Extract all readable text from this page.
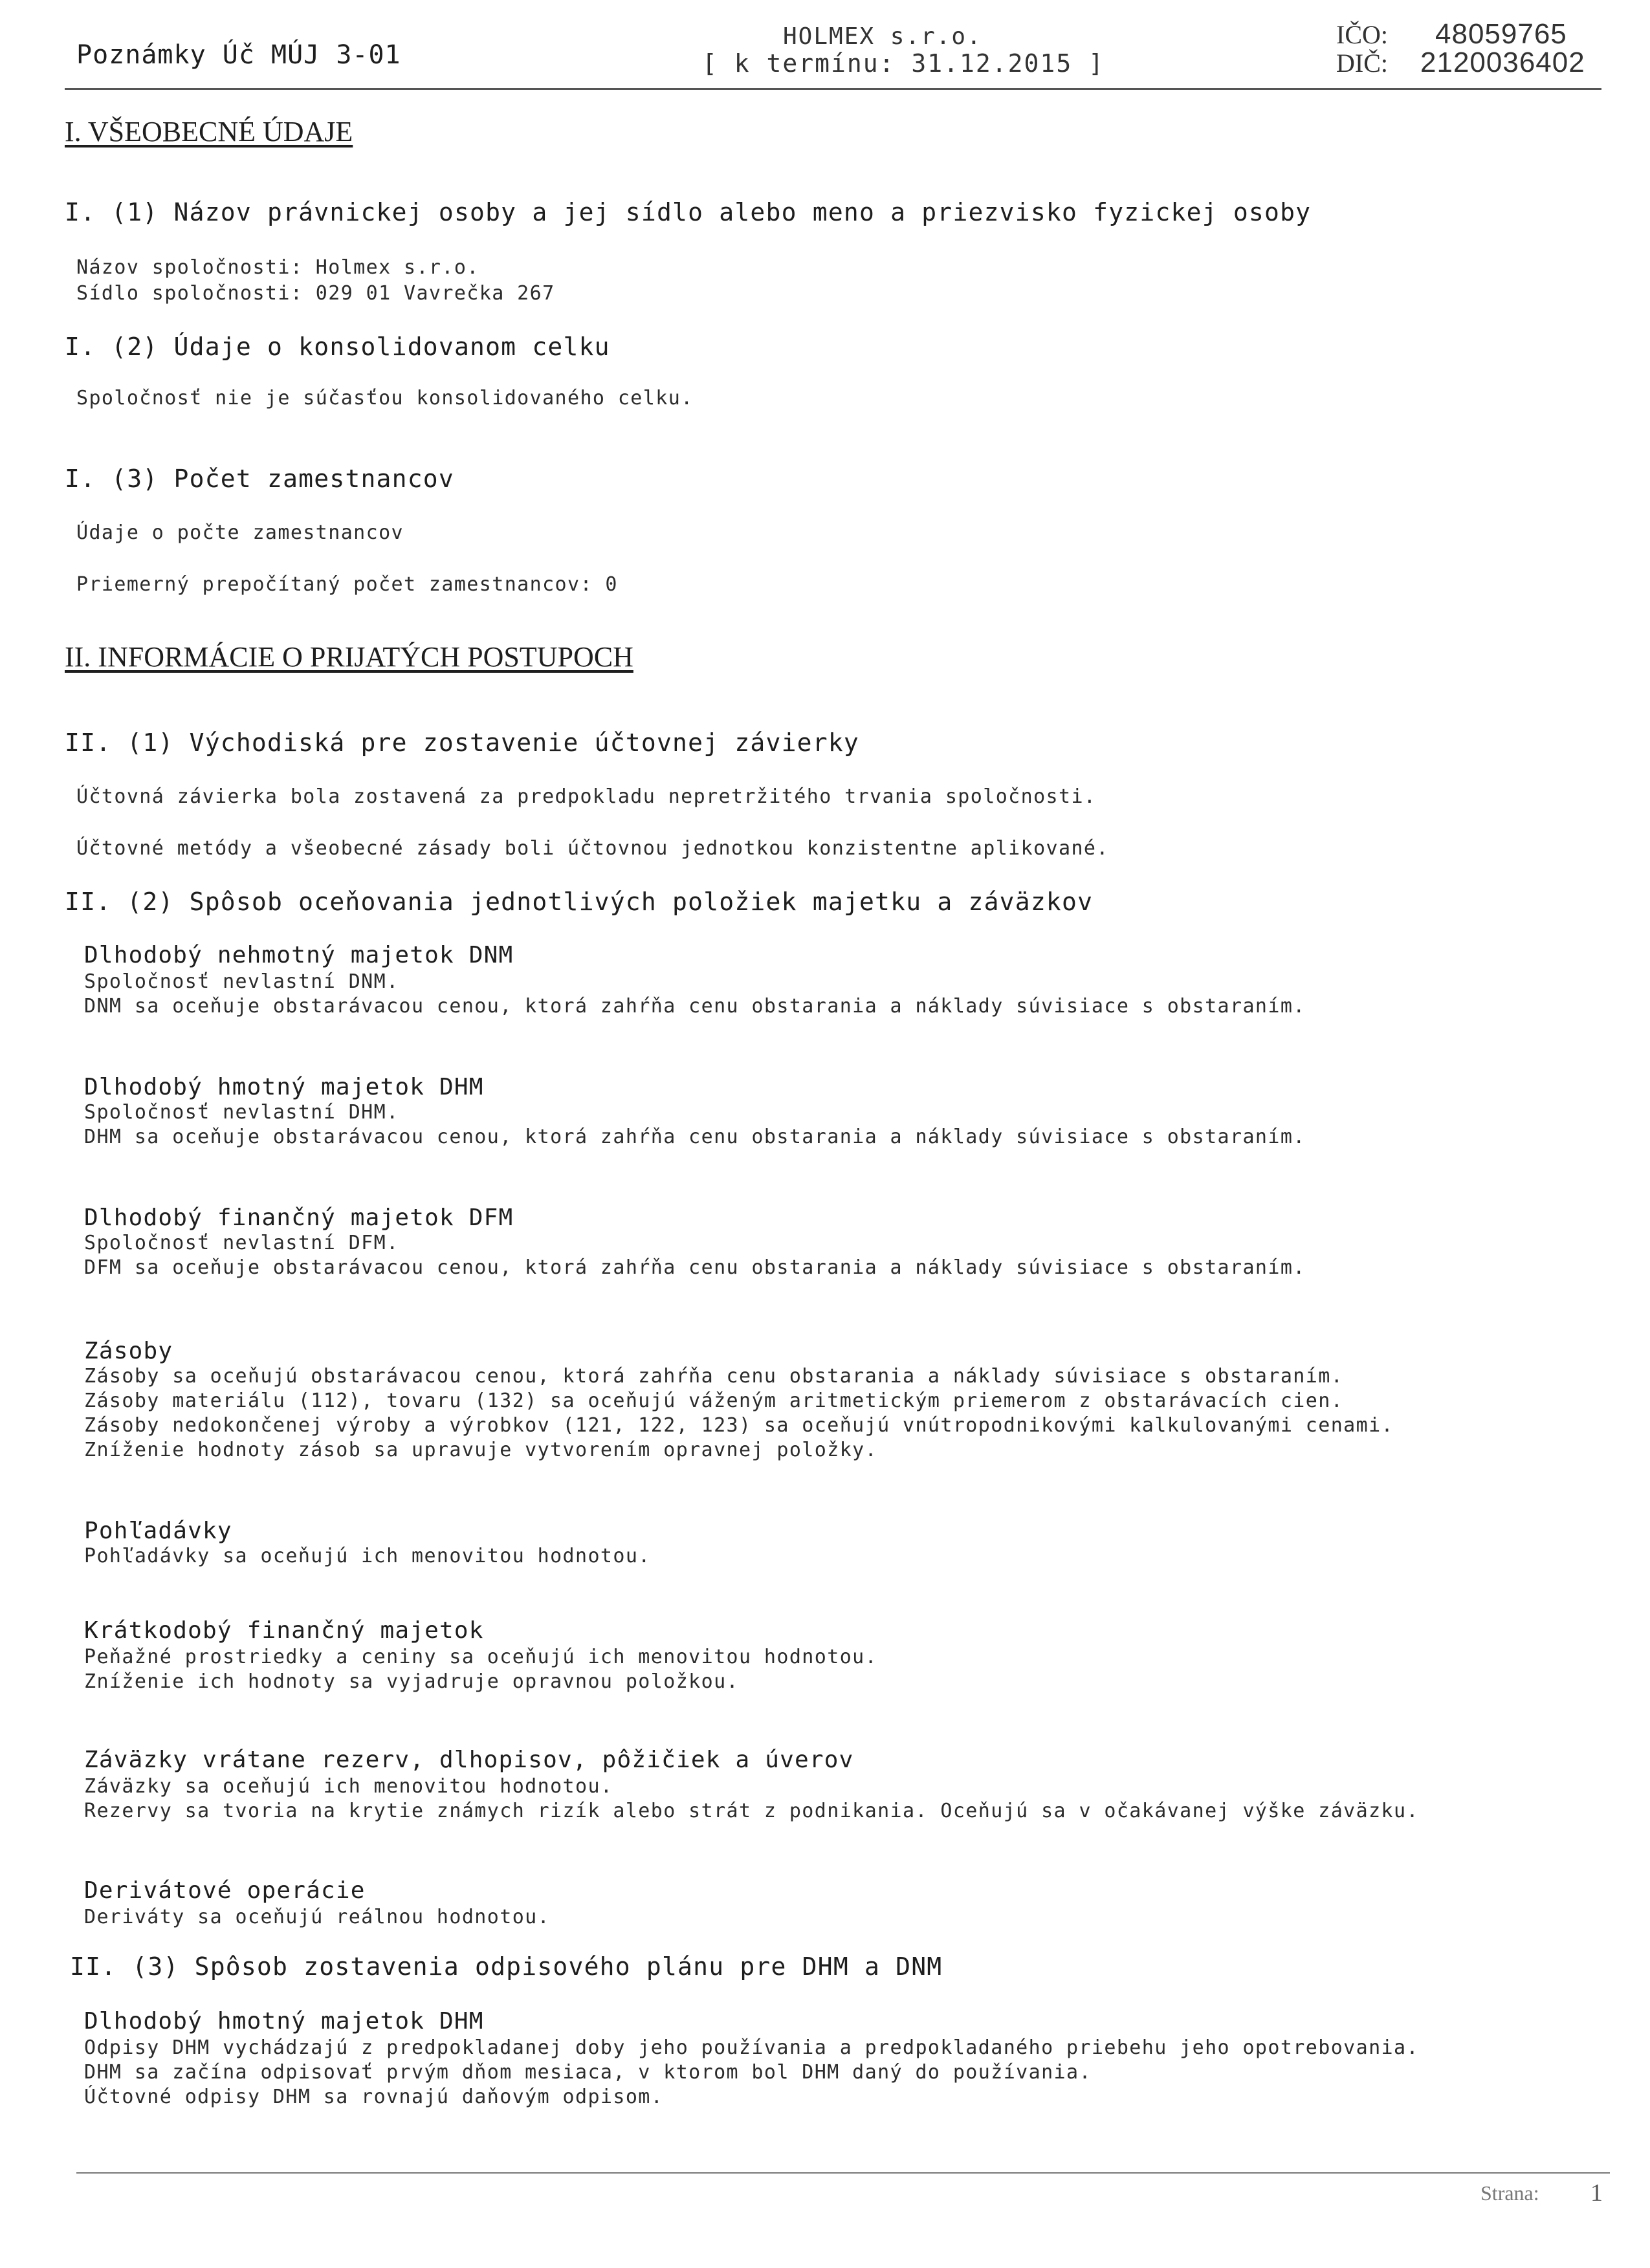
Poznámky Úč MÚJ 3-01
HOLMEX s.r.o.
[ k termínu: 31.12.2015 ]
IČO: 48059765
DIČ: 2120036402
I. VŠEOBECNÉ ÚDAJE
I. (1) Názov právnickej osoby a jej sídlo alebo meno a priezvisko fyzickej osoby
Názov spoločnosti: Holmex s.r.o.
Sídlo spoločnosti: 029 01 Vavrečka 267
I. (2) Údaje o konsolidovanom celku
Spoločnosť nie je súčasťou konsolidovaného celku.
I. (3) Počet zamestnancov
Údaje o počte zamestnancov
Priemerný prepočítaný počet zamestnancov: 0
II. INFORMÁCIE O PRIJATÝCH POSTUPOCH
II. (1) Východiská pre zostavenie účtovnej závierky
Účtovná závierka bola zostavená za predpokladu nepretržitého trvania spoločnosti.
Účtovné metódy a všeobecné zásady boli účtovnou jednotkou konzistentne aplikované.
II. (2) Spôsob oceňovania jednotlivých položiek majetku a záväzkov
Dlhodobý nehmotný majetok DNM
Spoločnosť nevlastní DNM.
DNM sa oceňuje obstarávacou cenou, ktorá zahŕňa cenu obstarania a náklady súvisiace s obstaraním.
Dlhodobý hmotný majetok DHM
Spoločnosť nevlastní DHM.
DHM sa oceňuje obstarávacou cenou, ktorá zahŕňa cenu obstarania a náklady súvisiace s obstaraním.
Dlhodobý finančný majetok DFM
Spoločnosť nevlastní DFM.
DFM sa oceňuje obstarávacou cenou, ktorá zahŕňa cenu obstarania a náklady súvisiace s obstaraním.
Zásoby
Zásoby sa oceňujú obstarávacou cenou, ktorá zahŕňa cenu obstarania a náklady súvisiace s obstaraním.
Zásoby materiálu (112), tovaru (132) sa oceňujú váženým aritmetickým priemerom z obstarávacích cien.
Zásoby nedokončenej výroby a výrobkov (121, 122, 123) sa oceňujú vnútropodnikovými kalkulovanými cenami.
Zníženie hodnoty zásob sa upravuje vytvorením opravnej položky.
Pohľadávky
Pohľadávky sa oceňujú ich menovitou hodnotou.
Krátkodobý finančný majetok
Peňažné prostriedky a ceniny sa oceňujú ich menovitou hodnotou.
Zníženie ich hodnoty sa vyjadruje opravnou položkou.
Záväzky vrátane rezerv, dlhopisov, pôžičiek a úverov
Záväzky sa oceňujú ich menovitou hodnotou.
Rezervy sa tvoria na krytie známych rizík alebo strát z podnikania. Oceňujú sa v očakávanej výške záväzku.
Derivátové operácie
Deriváty sa oceňujú reálnou hodnotou.
II. (3) Spôsob zostavenia odpisového plánu pre DHM a DNM
Dlhodobý hmotný majetok DHM
Odpisy DHM vychádzajú z predpokladanej doby jeho používania a predpokladaného priebehu jeho opotrebovania.
DHM sa začína odpisovať prvým dňom mesiaca, v ktorom bol DHM daný do používania.
Účtovné odpisy DHM sa rovnajú daňovým odpisom.
Strana: 1
